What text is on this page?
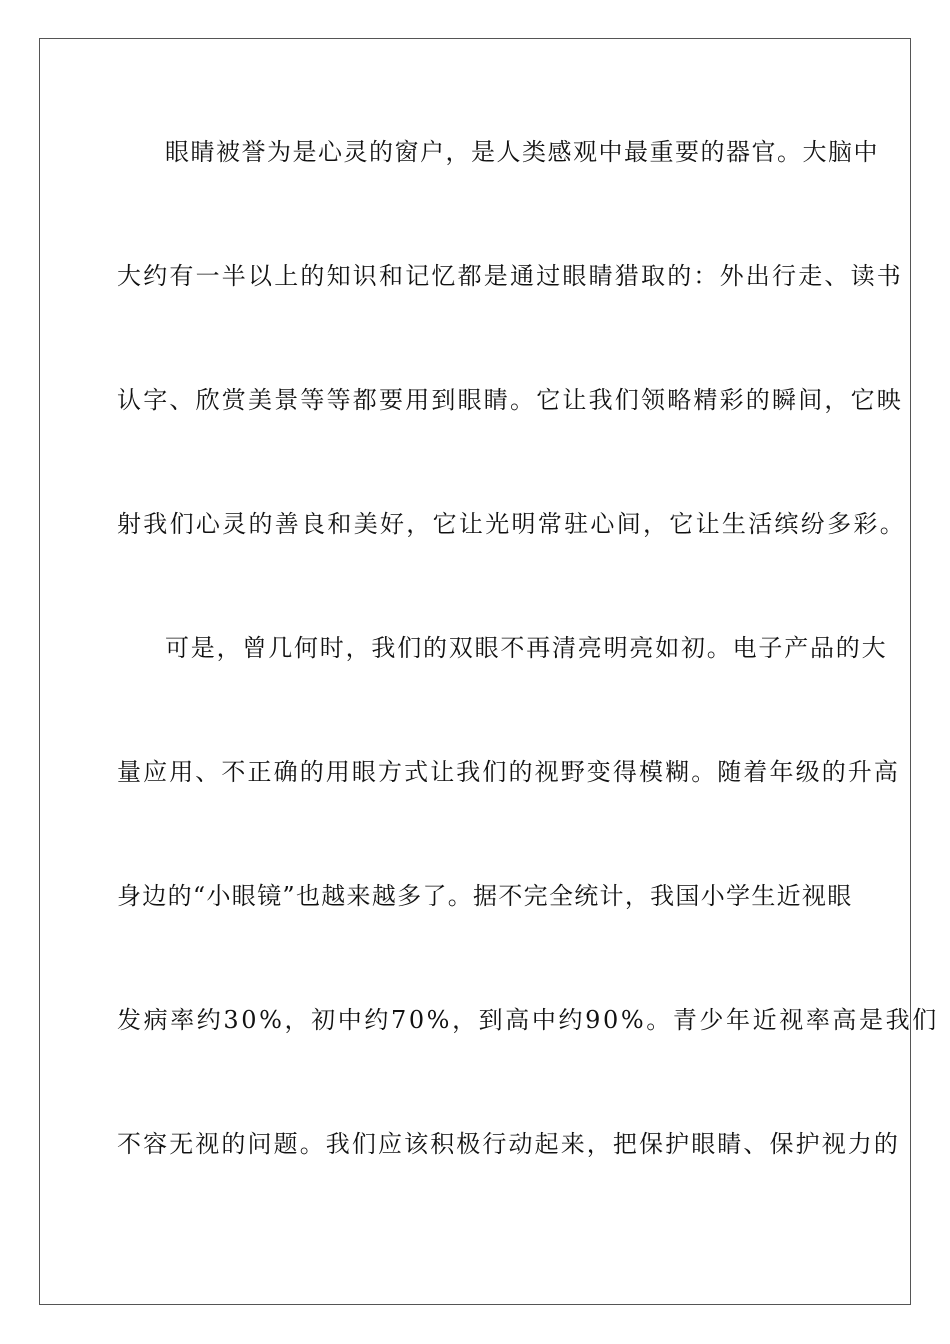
眼睛被誉为是心灵的窗户，是人类感观中最重要的器官。大脑中
大约有一半以上的知识和记忆都是通过眼睛猎取的：外出行走、读书
认字、欣赏美景等等都要用到眼睛。它让我们领略精彩的瞬间，它映
射我们心灵的善良和美好，它让光明常驻心间，它让生活缤纷多彩。
可是，曾几何时，我们的双眼不再清亮明亮如初。电子产品的大
量应用、不正确的用眼方式让我们的视野变得模糊。随着年级的升高
身边的“小眼镜”也越来越多了。据不完全统计，我国小学生近视眼
发病率约30%，初中约70%，到高中约90%。青少年近视率高是我们
不容无视的问题。我们应该积极行动起来，把保护眼睛、保护视力的
